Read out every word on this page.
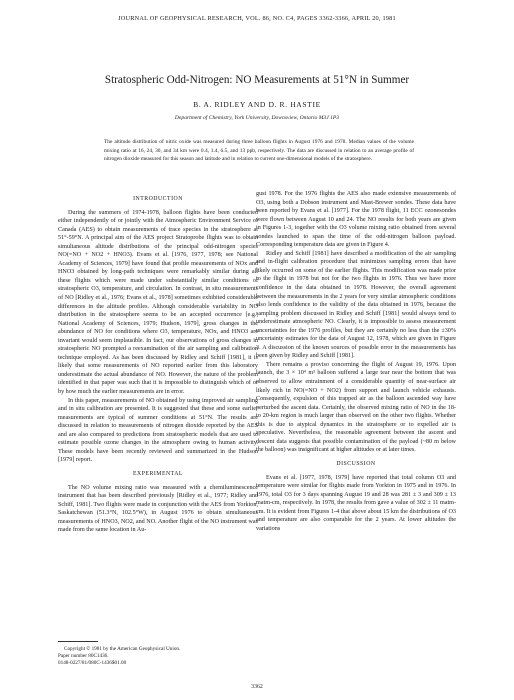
JOURNAL OF GEOPHYSICAL RESEARCH, VOL. 86, NO. C4, PAGES 3362-3366, APRIL 20, 1981
Stratospheric Odd-Nitrogen: NO Measurements at 51°N in Summer
B. A. RIDLEY AND D. R. HASTIE
Department of Chemistry, York University, Downsview, Ontario M3J 1P3
The altitude distribution of nitric oxide was measured during three balloon flights in August 1976 and 1978. Median values of the volume mixing ratio at 16, 24, 30, and 34 km were 0.4, 1.4, 6.5, and 13 ppb, respectively. The data are discussed in relation to an average profile of nitrogen dioxide measured for this season and latitude and in relation to current one-dimensional models of the stratosphere.
INTRODUCTION

During the summers of 1974-1978, balloon flights have been conducted either independently of or jointly with the Atmospheric Environment Service of Canada (AES) to obtain measurements of trace species in the stratosphere at 51°-59°N. A principal aim of the AES project Stratoprobe flights was to obtain simultaneous altitude distributions of the principal odd-nitrogen species NO(=NO + NO2 + HNO3). Evans et al. [1976, 1977, 1978; see National Academy of Sciences, 1979] have found that profile measurements of NOx and HNO3 obtained by long-path techniques were remarkably similar during all these flights which were made under substantially similar conditions of stratospheric O3, temperature, and circulation. In contrast, in situ measurements of NO [Ridley et al., 1976; Evans et al., 1978] sometimes exhibited considerable differences in the altitude profiles. Although considerable variability in NO distribution in the stratosphere seems to be an accepted occurrence [e.g., National Academy of Sciences, 1979; Hudson, 1979], gross changes in the abundance of NO for conditions where O3, temperature, NOx, and HNO3 are invariant would seem implausible. In fact, our observations of gross changes in stratospheric NO prompted a reexamination of the air sampling and calibration technique employed. As has been discussed by Ridley and Schiff [1981], it is likely that some measurements of NO reported earlier from this laboratory underestimate the actual abundance of NO. However, the nature of the problem identified in that paper was such that it is impossible to distinguish which of or by how much the earlier measurements are in error.

In this paper, measurements of NO obtained by using improved air sampling and in situ calibration are presented. It is suggested that these and some earlier measurements are typical of summer conditions at 51°N. The results are discussed in relation to measurements of nitrogen dioxide reported by the AES and are also compared to predictions from stratospheric models that are used to estimate possible ozone changes in the atmosphere owing to human activity. These models have been recently reviewed and summarized in the Hudson [1979] report.

EXPERIMENTAL

The NO volume mixing ratio was measured with a chemiluminescence instrument that has been described previously [Ridley et al., 1977; Ridley and Schiff, 1981]. Two flights were made in conjunction with the AES from Yorkton, Saskatchewan (51.3°N, 102.5°W), in August 1976 to obtain simultaneous measurements of HNO3, NO2, and NO. Another flight of the NO instrument was made from the same location in Au-

gust 1978. For the 1976 flights the AES also made extensive measurements of O3, using both a Dobson instrument and Mast-Brewer sondes. These data have been reported by Evans et al. [1977]. For the 1978 flight, 11 ECC ozonesondes were flown between August 10 and 24. The NO results for both years are given in Figures 1-3, together with the O3 volume mixing ratio obtained from several sondes launched to span the time of the odd-nitrogen balloon payload. Corresponding temperature data are given in Figure 4.

Ridley and Schiff [1981] have described a modification of the air sampling and in-flight calibration procedure that minimizes sampling errors that have likely occurred on some of the earlier flights. This modification was made prior to the flight in 1978 but not for the two flights in 1976. Thus we have more confidence in the data obtained in 1978. However, the overall agreement between the measurements in the 2 years for very similar atmospheric conditions also lends confidence to the validity of the data obtained in 1976, because the sampling problem discussed in Ridley and Schiff [1981] would always tend to underestimate atmospheric NO. Clearly, it is impossible to assess measurement uncertainties for the 1976 profiles, but they are certainly no less than the ±30% uncertainty estimates for the data of August 12, 1978, which are given in Figure 3. A discussion of the known sources of possible error in the measurements has been given by Ridley and Schiff [1981].

There remains a proviso concerning the flight of August 19, 1976. Upon launch, the 3 × 10⁴ m³ balloon suffered a large tear near the bottom that was observed to allow entrainment of a considerable quantity of near-surface air likely rich in NO(=NO + NO2) from support and launch vehicle exhausts. Consequently, expulsion of this trapped air as the balloon ascended way have perturbed the ascent data. Certainly, the observed mixing ratio of NO in the 18- to 20-km region is much larger than observed on the other two flights. Whether this is due to atypical dynamics in the stratosphere or to expelled air is speculative. Nevertheless, the reasonable agreement between the ascent and descent data suggests that possible contamination of the payload (~80 m below the balloon) was insignificant at higher altitudes or at later times.

DISCUSSION

Evans et al. [1977, 1978, 1979] have reported that total column O3 and temperature were similar for flights made from Yorkton in 1975 and in 1976. In 1976, total O3 for 3 days spanning August 19 and 28 was 281 ± 3 and 309 ± 13 matm-cm, respectively. In 1978, the results from gave a value of 302 ± 11 matm-cm. It is evident from Figures 1-4 that above about 15 km the distributions of O3 and temperature are also comparable for the 2 years. At lower altitudes the variations

Copyright © 1981 by the American Geophysical Union.
Paper number 80C1436.
0148-0227/81/080C-1436$01.00
3362
